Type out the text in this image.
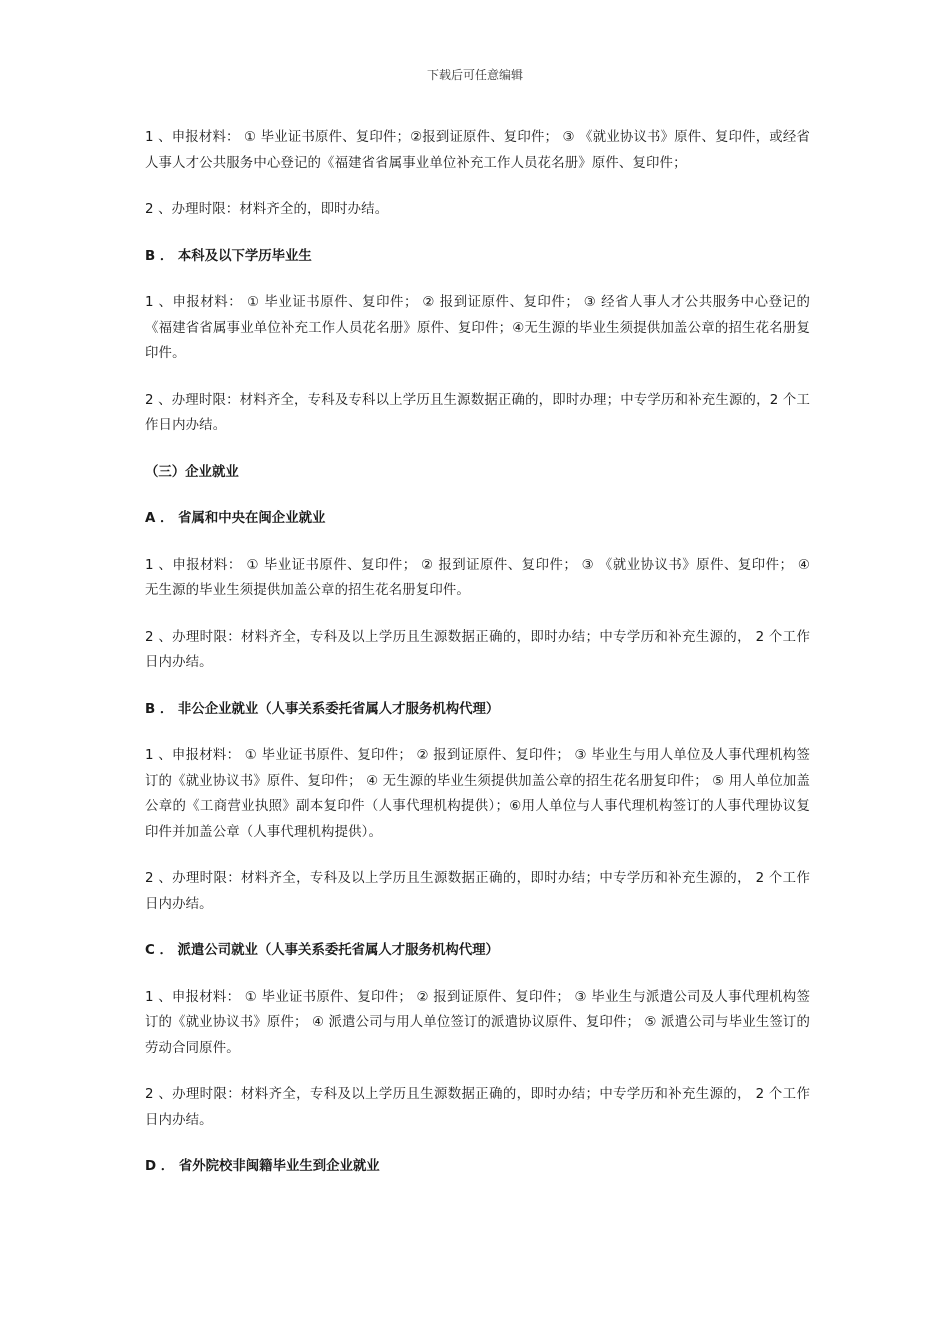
下载后可任意编辑

1 、申报材料： ① 毕业证书原件、复印件；②报到证原件、复印件； ③ 《就业协议书》原件、复印件，或经省人事人才公共服务中心登记的《福建省省属事业单位补充工作人员花名册》原件、复印件；

2 、办理时限：材料齐全的，即时办结。

B ． 本科及以下学历毕业生

1 、申报材料： ① 毕业证书原件、复印件； ② 报到证原件、复印件； ③ 经省人事人才公共服务中心登记的《福建省省属事业单位补充工作人员花名册》原件、复印件；④无生源的毕业生须提供加盖公章的招生花名册复印件。

2 、办理时限：材料齐全，专科及专科以上学历且生源数据正确的，即时办理；中专学历和补充生源的，2 个工作日内办结。

（三）企业就业

A ． 省属和中央在闽企业就业

1 、申报材料： ① 毕业证书原件、复印件； ② 报到证原件、复印件； ③ 《就业协议书》原件、复印件； ④ 无生源的毕业生须提供加盖公章的招生花名册复印件。

2 、办理时限：材料齐全，专科及以上学历且生源数据正确的，即时办结；中专学历和补充生源的， 2 个工作日内办结。

B ． 非公企业就业（人事关系委托省属人才服务机构代理）

1 、申报材料： ① 毕业证书原件、复印件； ② 报到证原件、复印件； ③ 毕业生与用人单位及人事代理机构签订的《就业协议书》原件、复印件； ④ 无生源的毕业生须提供加盖公章的招生花名册复印件； ⑤ 用人单位加盖公章的《工商营业执照》副本复印件（人事代理机构提供）；⑥用人单位与人事代理机构签订的人事代理协议复印件并加盖公章（人事代理机构提供）。

2 、办理时限：材料齐全，专科及以上学历且生源数据正确的，即时办结；中专学历和补充生源的， 2 个工作日内办结。

C ． 派遣公司就业（人事关系委托省属人才服务机构代理）

1 、申报材料： ① 毕业证书原件、复印件； ② 报到证原件、复印件； ③ 毕业生与派遣公司及人事代理机构签订的《就业协议书》原件； ④ 派遣公司与用人单位签订的派遣协议原件、复印件； ⑤ 派遣公司与毕业生签订的劳动合同原件。

2 、办理时限：材料齐全，专科及以上学历且生源数据正确的，即时办结；中专学历和补充生源的， 2 个工作日内办结。

D ． 省外院校非闽籍毕业生到企业就业
